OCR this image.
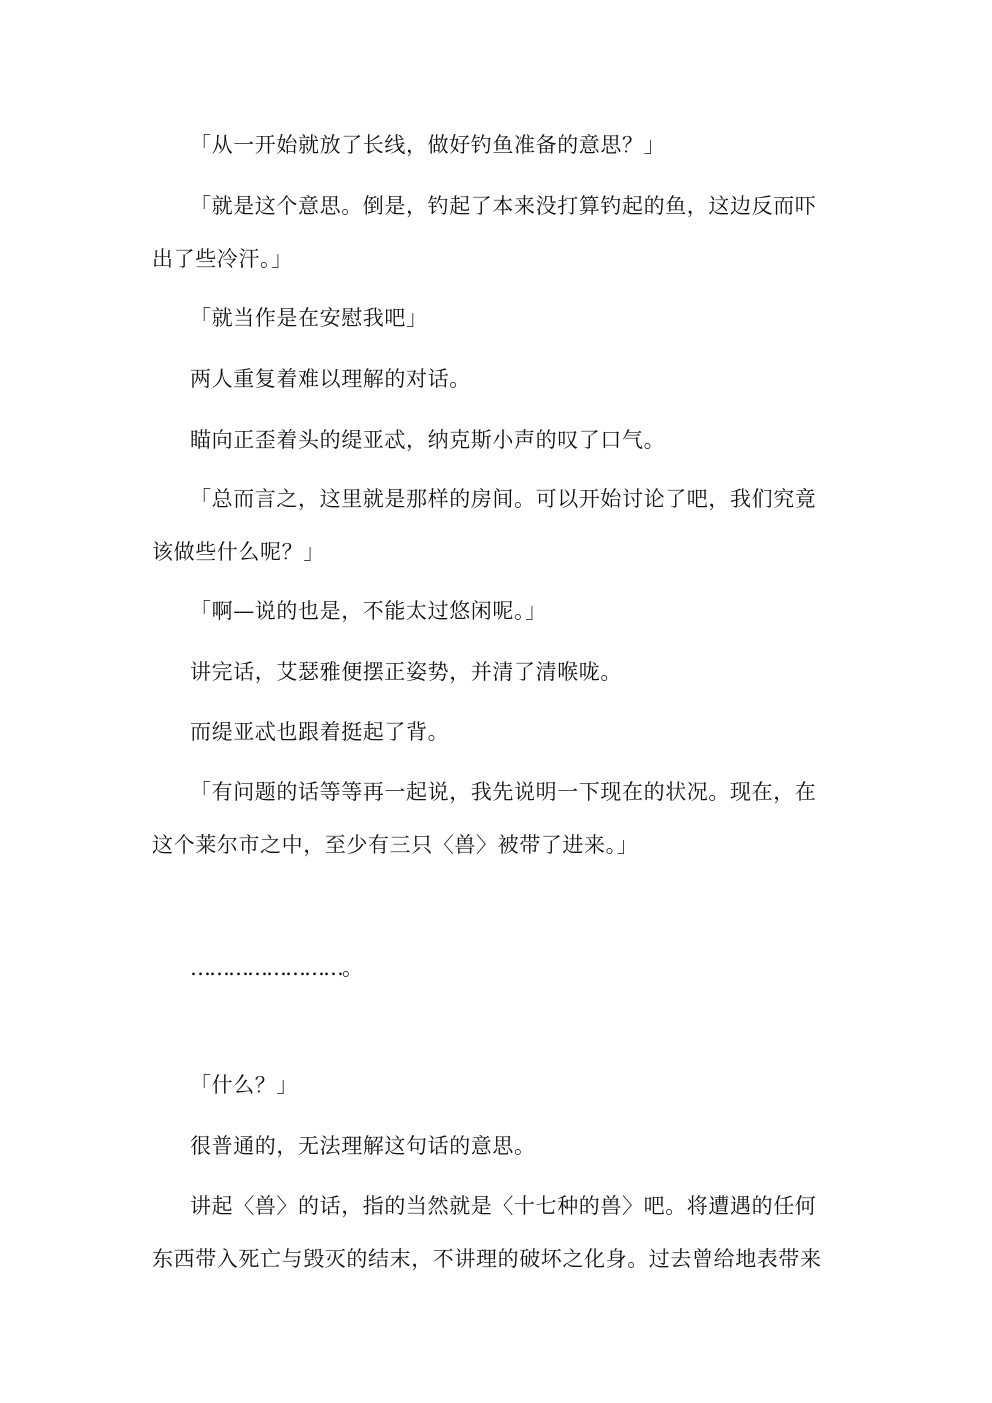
「从一开始就放了长线，做好钓鱼准备的意思？」

「就是这个意思。倒是，钓起了本来没打算钓起的鱼，这边反而吓
出了些冷汗。」

「就当作是在安慰我吧」

两人重复着难以理解的对话。

瞄向正歪着头的缇亚忒，纳克斯小声的叹了口气。

「总而言之，这里就是那样的房间。可以开始讨论了吧，我们究竟
该做些什么呢？」

「啊—说的也是，不能太过悠闲呢。」

讲完话，艾瑟雅便摆正姿势，并清了清喉咙。

而缇亚忒也跟着挺起了背。

「有问题的话等等再一起说，我先说明一下现在的状况。现在，在
这个莱尔市之中，至少有三只〈兽〉被带了进来。」

……………………。

「什么？」

很普通的，无法理解这句话的意思。

讲起〈兽〉的话，指的当然就是〈十七种的兽〉吧。将遭遇的任何
东西带入死亡与毁灭的结末，不讲理的破坏之化身。过去曾给地表带来
